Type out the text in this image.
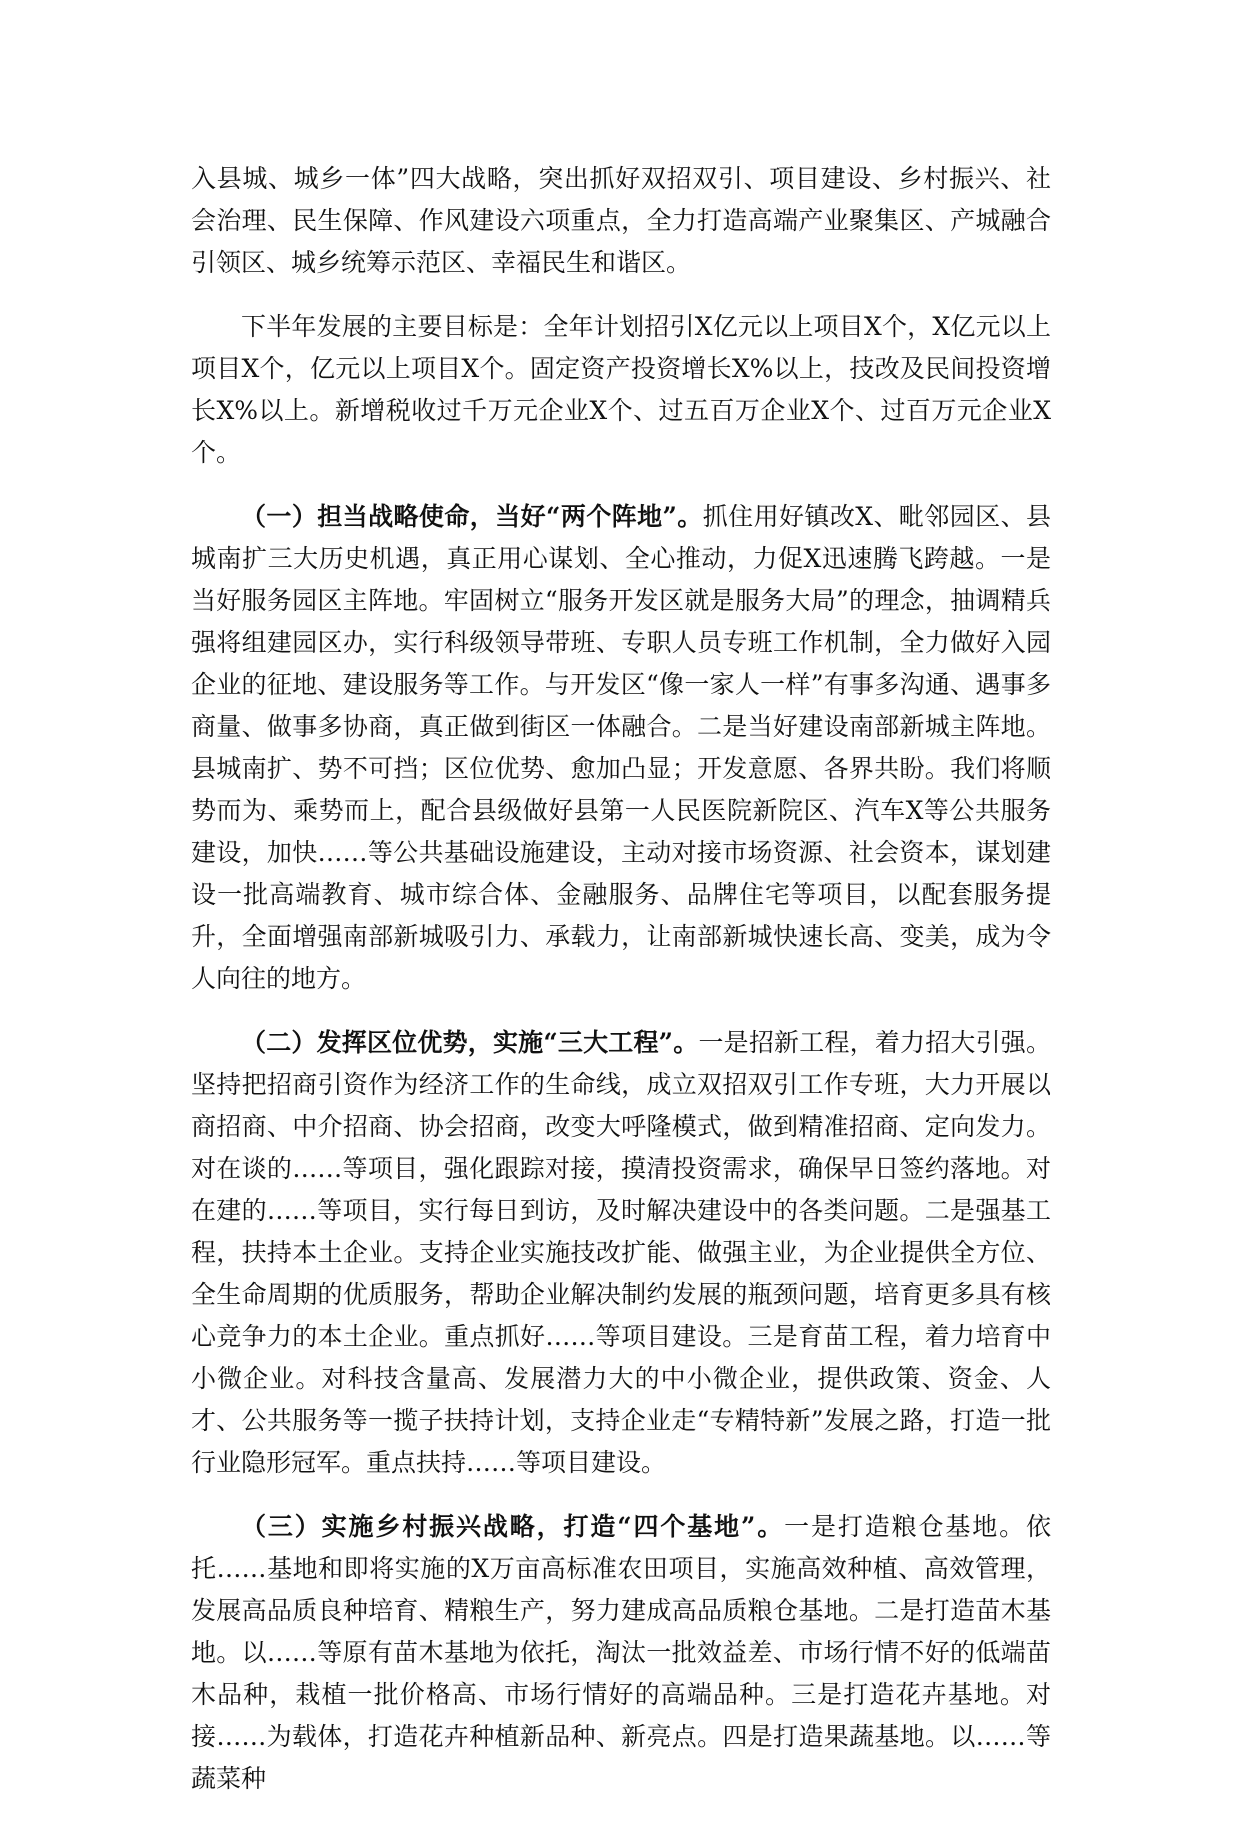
入县城、城乡一体”四大战略，突出抓好双招双引、项目建设、乡村振兴、社会治理、民生保障、作风建设六项重点，全力打造高端产业聚集区、产城融合引领区、城乡统筹示范区、幸福民生和谐区。

下半年发展的主要目标是：全年计划招引X亿元以上项目X个，X亿元以上项目X个，亿元以上项目X个。固定资产投资增长X%以上，技改及民间投资增长X%以上。新增税收过千万元企业X个、过五百万企业X个、过百万元企业X个。

（一）担当战略使命，当好“两个阵地”。抓住用好镇改X、毗邻园区、县城南扩三大历史机遇，真正用心谋划、全心推动，力促X迅速腾飞跨越。一是当好服务园区主阵地。牢固树立“服务开发区就是服务大局”的理念，抽调精兵强将组建园区办，实行科级领导带班、专职人员专班工作机制，全力做好入园企业的征地、建设服务等工作。与开发区“像一家人一样”有事多沟通、遇事多商量、做事多协商，真正做到街区一体融合。二是当好建设南部新城主阵地。县城南扩、势不可挡；区位优势、愈加凸显；开发意愿、各界共盼。我们将顺势而为、乘势而上，配合县级做好县第一人民医院新院区、汽车X等公共服务建设，加快……等公共基础设施建设，主动对接市场资源、社会资本，谋划建设一批高端教育、城市综合体、金融服务、品牌住宅等项目，以配套服务提升，全面增强南部新城吸引力、承载力，让南部新城快速长高、变美，成为令人向往的地方。

（二）发挥区位优势，实施“三大工程”。一是招新工程，着力招大引强。坚持把招商引资作为经济工作的生命线，成立双招双引工作专班，大力开展以商招商、中介招商、协会招商，改变大呼隆模式，做到精准招商、定向发力。对在谈的……等项目，强化跟踪对接，摸清投资需求，确保早日签约落地。对在建的……等项目，实行每日到访，及时解决建设中的各类问题。二是强基工程，扶持本土企业。支持企业实施技改扩能、做强主业，为企业提供全方位、全生命周期的优质服务，帮助企业解决制约发展的瓶颈问题，培育更多具有核心竞争力的本土企业。重点抓好……等项目建设。三是育苗工程，着力培育中小微企业。对科技含量高、发展潜力大的中小微企业，提供政策、资金、人才、公共服务等一揽子扶持计划，支持企业走“专精特新”发展之路，打造一批行业隐形冠军。重点扶持……等项目建设。

（三）实施乡村振兴战略，打造“四个基地”。一是打造粮仓基地。依托……基地和即将实施的X万亩高标准农田项目，实施高效种植、高效管理，发展高品质良种培育、精粮生产，努力建成高品质粮仓基地。二是打造苗木基地。以……等原有苗木基地为依托，淘汰一批效益差、市场行情不好的低端苗木品种，栽植一批价格高、市场行情好的高端品种。三是打造花卉基地。对接……为载体，打造花卉种植新品种、新亮点。四是打造果蔬基地。以……等蔬菜种
